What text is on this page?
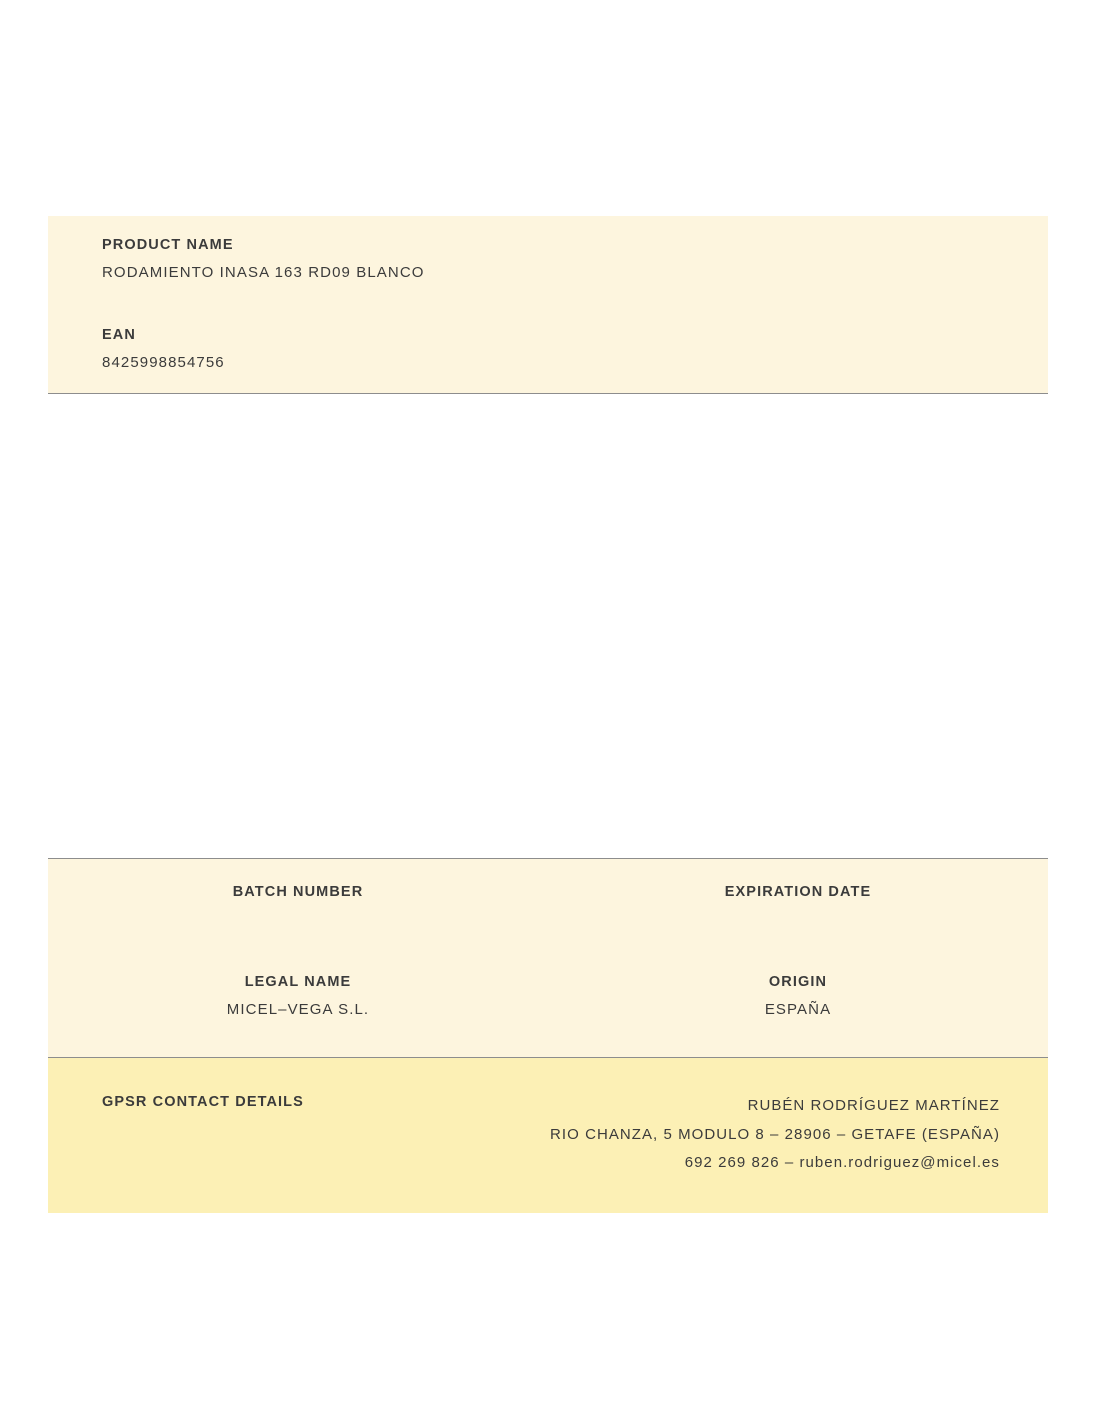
PRODUCT NAME
RODAMIENTO INASA 163 RD09 BLANCO
EAN
8425998854756
BATCH NUMBER	EXPIRATION DATE
LEGAL NAME
MICEL–VEGA S.L.
ORIGIN
ESPAÑA
GPSR CONTACT DETAILS	RUBÉN RODRÍGUEZ MARTÍNEZ
RIO CHANZA, 5 MODULO 8 – 28906 – GETAFE (ESPAÑA)
692 269 826 – ruben.rodriguez@micel.es
